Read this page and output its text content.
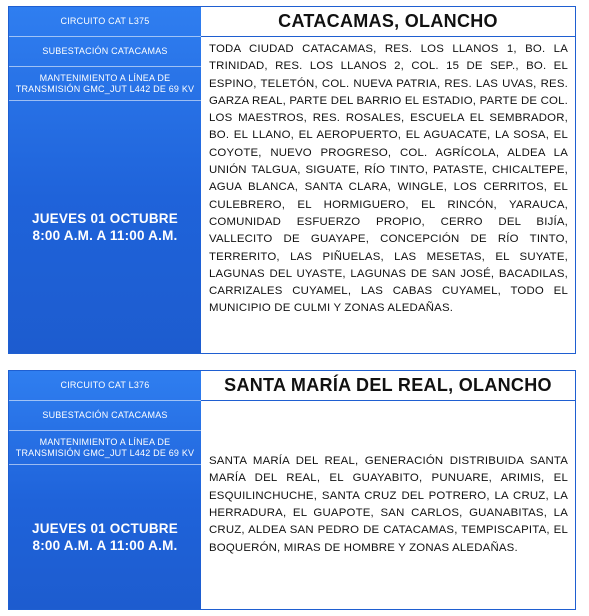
CIRCUITO CAT L375
SUBESTACIÓN CATACAMAS
MANTENIMIENTO A LÍNEA DE
TRANSMISIÓN GMC_JUT L442 DE 69 KV
JUEVES 01 OCTUBRE
8:00 A.M. A 11:00 A.M.
CATACAMAS, OLANCHO
TODA CIUDAD CATACAMAS, RES. LOS LLANOS 1, BO. LA TRINIDAD, RES. LOS LLANOS 2, COL. 15 DE SEP., BO. EL ESPINO, TELETÓN, COL. NUEVA PATRIA, RES. LAS UVAS, RES. GARZA REAL, PARTE DEL BARRIO EL ESTADIO, PARTE DE COL. LOS MAESTROS, RES. ROSALES, ESCUELA EL SEMBRADOR, BO. EL LLANO, EL AEROPUERTO, EL AGUACATE, LA SOSA, EL COYOTE, NUEVO PROGRESO, COL. AGRÍCOLA, ALDEA LA UNIÓN TALGUA, SIGUATE, RÍO TINTO, PATASTE, CHICALTEPE, AGUA BLANCA, SANTA CLARA, WINGLE, LOS CERRITOS, EL CULEBRERO, EL HORMIGUERO, EL RINCÓN, YARAUCA, COMUNIDAD ESFUERZO PROPIO, CERRO DEL BIJÍA, VALLECITO DE GUAYAPE, CONCEPCIÓN DE RÍO TINTO, TERRERITO, LAS PIÑUELAS, LAS MESETAS, EL SUYATE, LAGUNAS DEL UYASTE, LAGUNAS DE SAN JOSÉ, BACADILAS, CARRIZALES CUYAMEL, LAS CABAS CUYAMEL, TODO EL MUNICIPIO DE CULMI Y ZONAS ALEDAÑAS.
CIRCUITO CAT L376
SUBESTACIÓN CATACAMAS
MANTENIMIENTO A LÍNEA DE
TRANSMISIÓN GMC_JUT L442 DE 69 KV
JUEVES 01 OCTUBRE
8:00 A.M. A 11:00 A.M.
SANTA MARÍA DEL REAL, OLANCHO
SANTA MARÍA DEL REAL, GENERACIÓN DISTRIBUIDA SANTA MARÍA DEL REAL, EL GUAYABITO, PUNUARE, ARIMIS, EL ESQUILINCHUCHE, SANTA CRUZ DEL POTRERO, LA CRUZ, LA HERRADURA, EL GUAPOTE, SAN CARLOS, GUANABITAS, LA CRUZ, ALDEA SAN PEDRO DE CATACAMAS, TEMPISCAPITA, EL BOQUERÓN, MIRAS DE HOMBRE Y ZONAS ALEDAÑAS.
